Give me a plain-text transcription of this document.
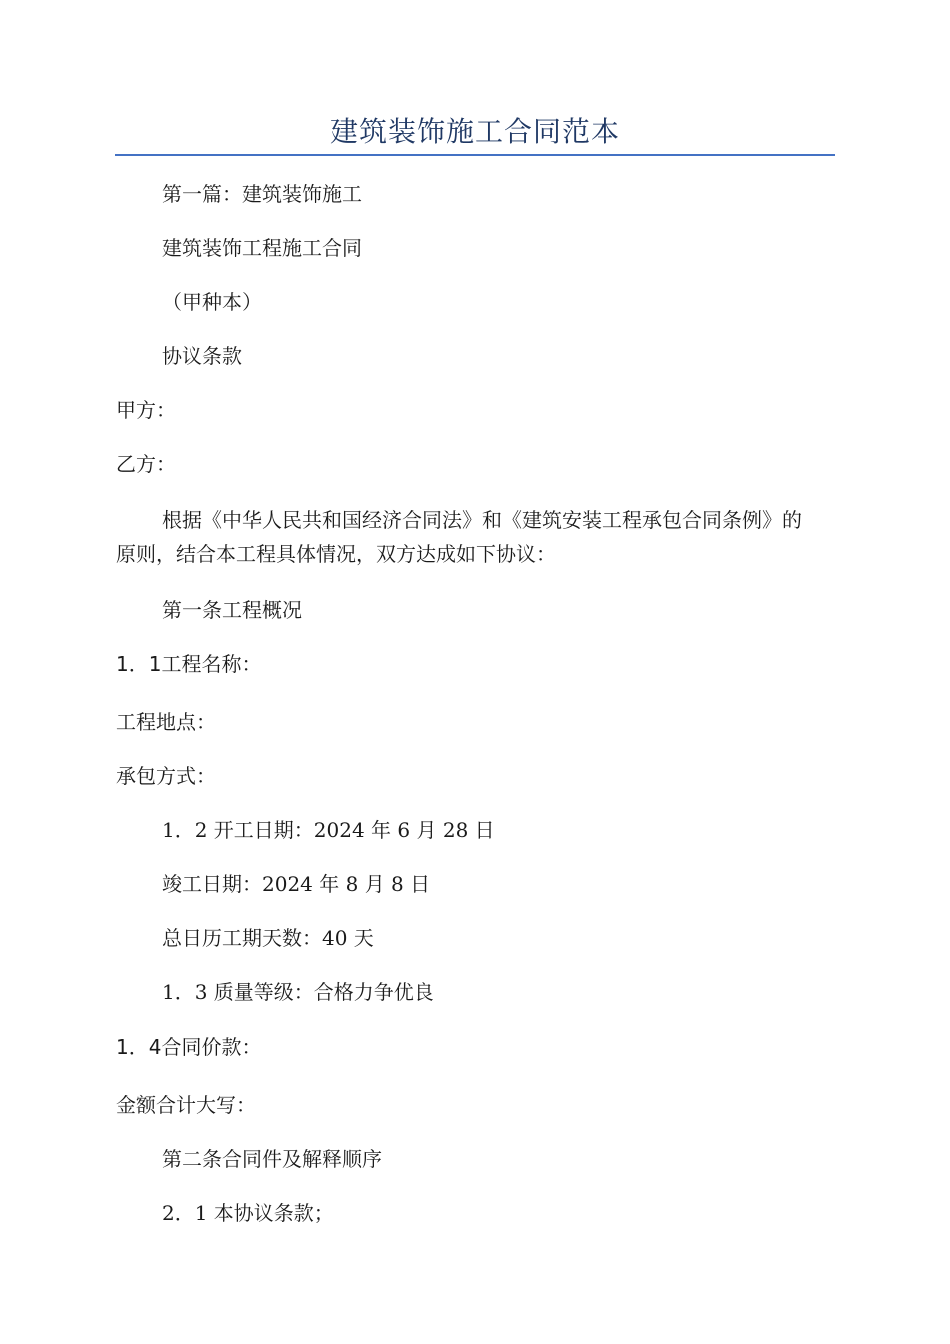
建筑装饰施工合同范本
第一篇：建筑装饰施工
建筑装饰工程施工合同
（甲种本）
协议条款
甲方：
乙方：
根据《中华人民共和国经济合同法》和《建筑安装工程承包合同条例》的原则，结合本工程具体情况，双方达成如下协议：
第一条工程概况
1．1工程名称：
工程地点：
承包方式：
1．2 开工日期：2024 年 6 月 28 日
竣工日期：2024 年 8 月 8 日
总日历工期天数：40 天
1．3 质量等级：合格力争优良
1．4合同价款：
金额合计大写：
第二条合同件及解释顺序
2．1 本协议条款；
